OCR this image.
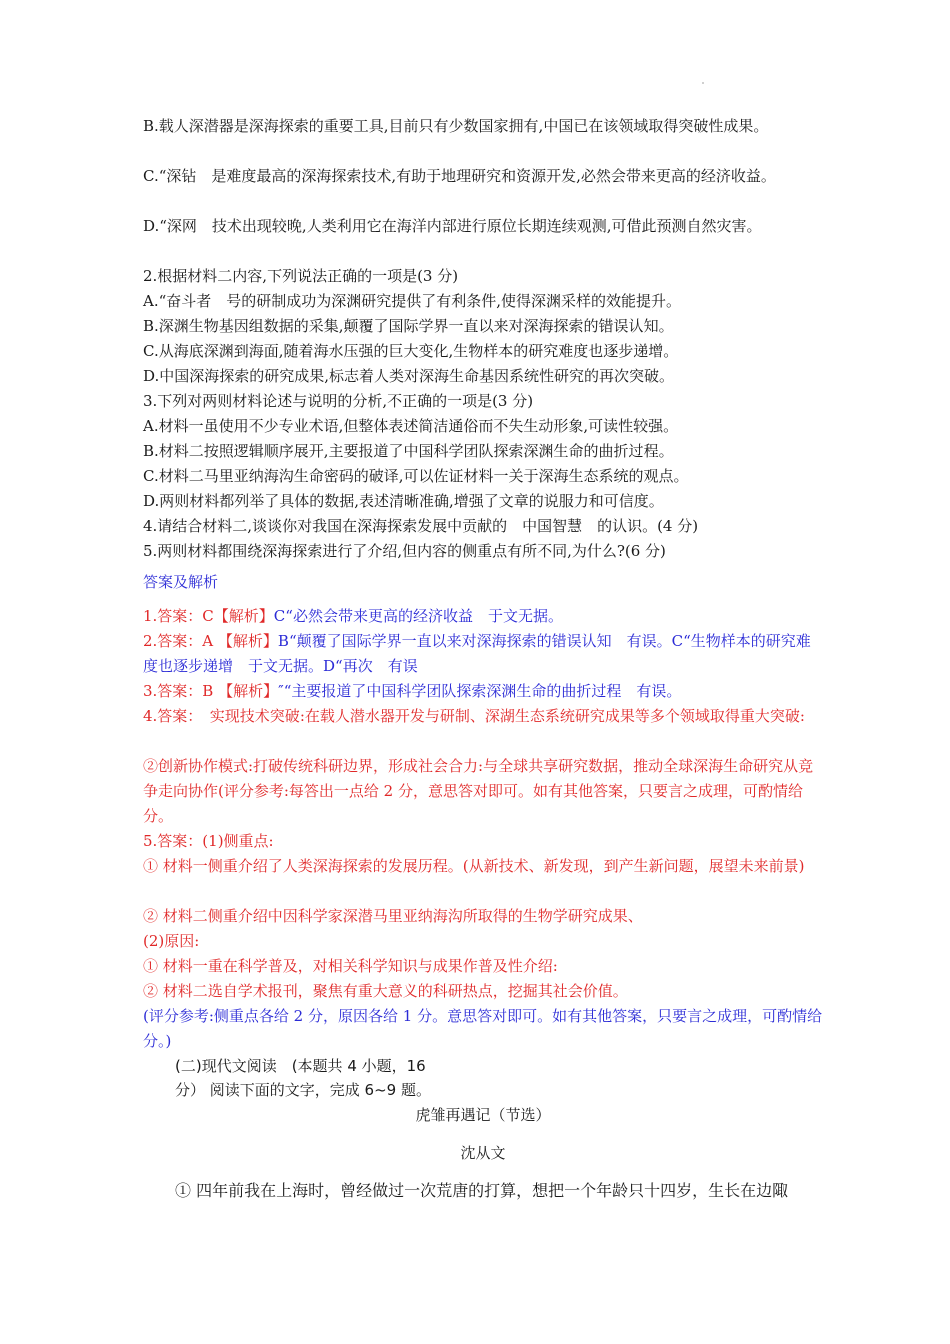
B.载人深潜器是深海探索的重要工具,目前只有少数国家拥有,中国已在该领域取得突破性成果。
C.“深钻　是难度最高的深海探索技术,有助于地理研究和资源开发,必然会带来更高的经济收益。
D.“深网　技术出现较晚,人类利用它在海洋内部进行原位长期连续观测,可借此预测自然灾害。
2.根据材料二内容,下列说法正确的一项是(3 分)
A.“奋斗者　号的研制成功为深渊研究提供了有利条件,使得深渊采样的效能提升。
B.深渊生物基因组数据的采集,颠覆了国际学界一直以来对深海探索的错误认知。
C.从海底深渊到海面,随着海水压强的巨大变化,生物样本的研究难度也逐步递增。
D.中国深海探索的研究成果,标志着人类对深海生命基因系统性研究的再次突破。
3.下列对两则材料论述与说明的分析,不正确的一项是(3 分)
A.材料一虽使用不少专业术语,但整体表述简洁通俗而不失生动形象,可读性较强。
B.材料二按照逻辑顺序展开,主要报道了中国科学团队探索深渊生命的曲折过程。
C.材料二马里亚纳海沟生命密码的破译,可以佐证材料一关于深海生态系统的观点。
D.两则材料都列举了具体的数据,表述清晰准确,增强了文章的说服力和可信度。
4.请结合材料二,谈谈你对我国在深海探索发展中贡献的　中国智慧　的认识。(4 分)
5.两则材料都围绕深海探索进行了介绍,但内容的侧重点有所不同,为什么?(6 分)
答案及解析
1.答案：C【解析】C“必然会带来更高的经济收益　于文无据。
2.答案：A 【解析】B“颠覆了国际学界一直以来对深海探索的错误认知　有误。C“生物样本的研究难度也逐步递增　于文无据。D“再次　有误
3.答案：B 【解析】″“主要报道了中国科学团队探索深渊生命的曲折过程　有误。
4.答案：　实现技术突破:在载人潜水器开发与研制、深湖生态系统研究成果等多个领域取得重大突破:
②创新协作模式:打破传统科研边界，形成社会合力:与全球共享研究数据，推动全球深海生命研究从竞争走向协作(评分参考:每答出一点给 2 分，意思答对即可。如有其他答案，只要言之成理，可酌情给分。
5.答案：(1)侧重点:
① 材料一侧重介绍了人类深海探索的发展历程。(从新技术、新发现，到产生新问题，展望未来前景)
② 材料二侧重介绍中因科学家深潜马里亚纳海沟所取得的生物学研究成果、
(2)原因:
① 材料一重在科学普及，对相关科学知识与成果作普及性介绍:
② 材料二选自学术报刊，聚焦有重大意义的科研热点，挖掘其社会价值。
(评分参考:侧重点各给 2 分，原因各给 1 分。意思答对即可。如有其他答案，只要言之成理，可酌情给分。)
(二)现代文阅读　(本题共 4 小题，16
分） 阅读下面的文字，完成 6~9 题。
虎雏再遇记（节选）
沈从文
① 四年前我在上海时，曾经做过一次荒唐的打算，想把一个年龄只十四岁，生长在边陬
